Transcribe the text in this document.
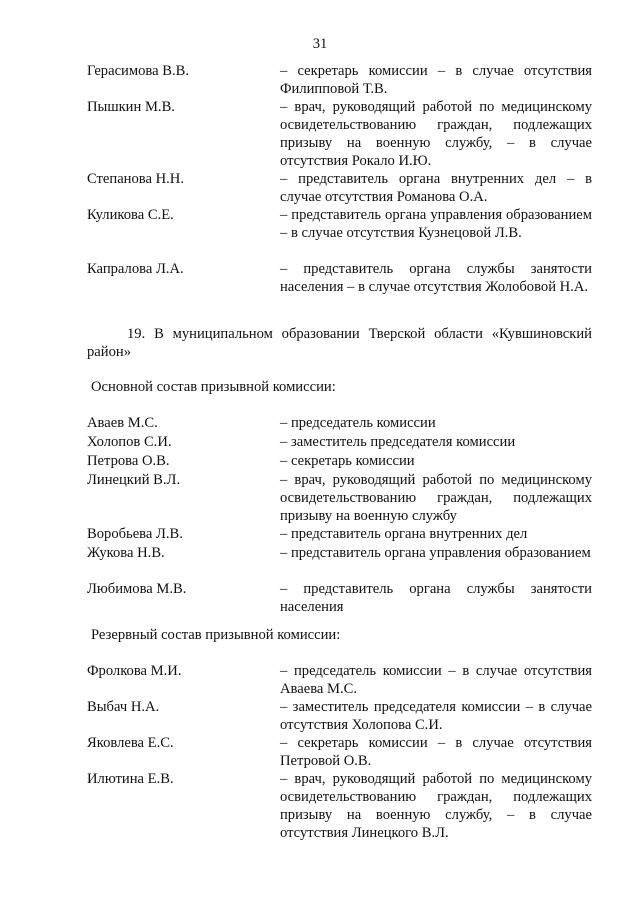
31
Герасимова В.В.	– секретарь комиссии – в случае отсутствия Филипповой Т.В.
Пышкин М.В.	– врач, руководящий работой по медицинскому освидетельствованию граждан, подлежащих призыву на военную службу, – в случае отсутствия Рокало И.Ю.
Степанова Н.Н.	– представитель органа внутренних дел – в случае отсутствия Романова О.А.
Куликова С.Е.	– представитель органа управления образованием – в случае отсутствия Кузнецовой Л.В.
Капралова Л.А.	– представитель органа службы занятости населения – в случае отсутствия Жолобовой Н.А.
19. В муниципальном образовании Тверской области «Кувшиновский район»
Основной состав призывной комиссии:
Аваев М.С.	– председатель комиссии
Холопов С.И.	– заместитель председателя комиссии
Петрова О.В.	– секретарь комиссии
Линецкий В.Л.	– врач, руководящий работой по медицинскому освидетельствованию граждан, подлежащих призыву на военную службу
Воробьева Л.В.	– представитель органа внутренних дел
Жукова Н.В.	– представитель органа управления образованием
Любимова М.В.	– представитель органа службы занятости населения
Резервный состав призывной комиссии:
Фролкова М.И.	– председатель комиссии – в случае отсутствия Аваева М.С.
Выбач Н.А.	– заместитель председателя комиссии – в случае отсутствия Холопова С.И.
Яковлева Е.С.	– секретарь комиссии – в случае отсутствия Петровой О.В.
Илютина Е.В.	– врач, руководящий работой по медицинскому освидетельствованию граждан, подлежащих призыву на военную службу, – в случае отсутствия Линецкого В.Л.
